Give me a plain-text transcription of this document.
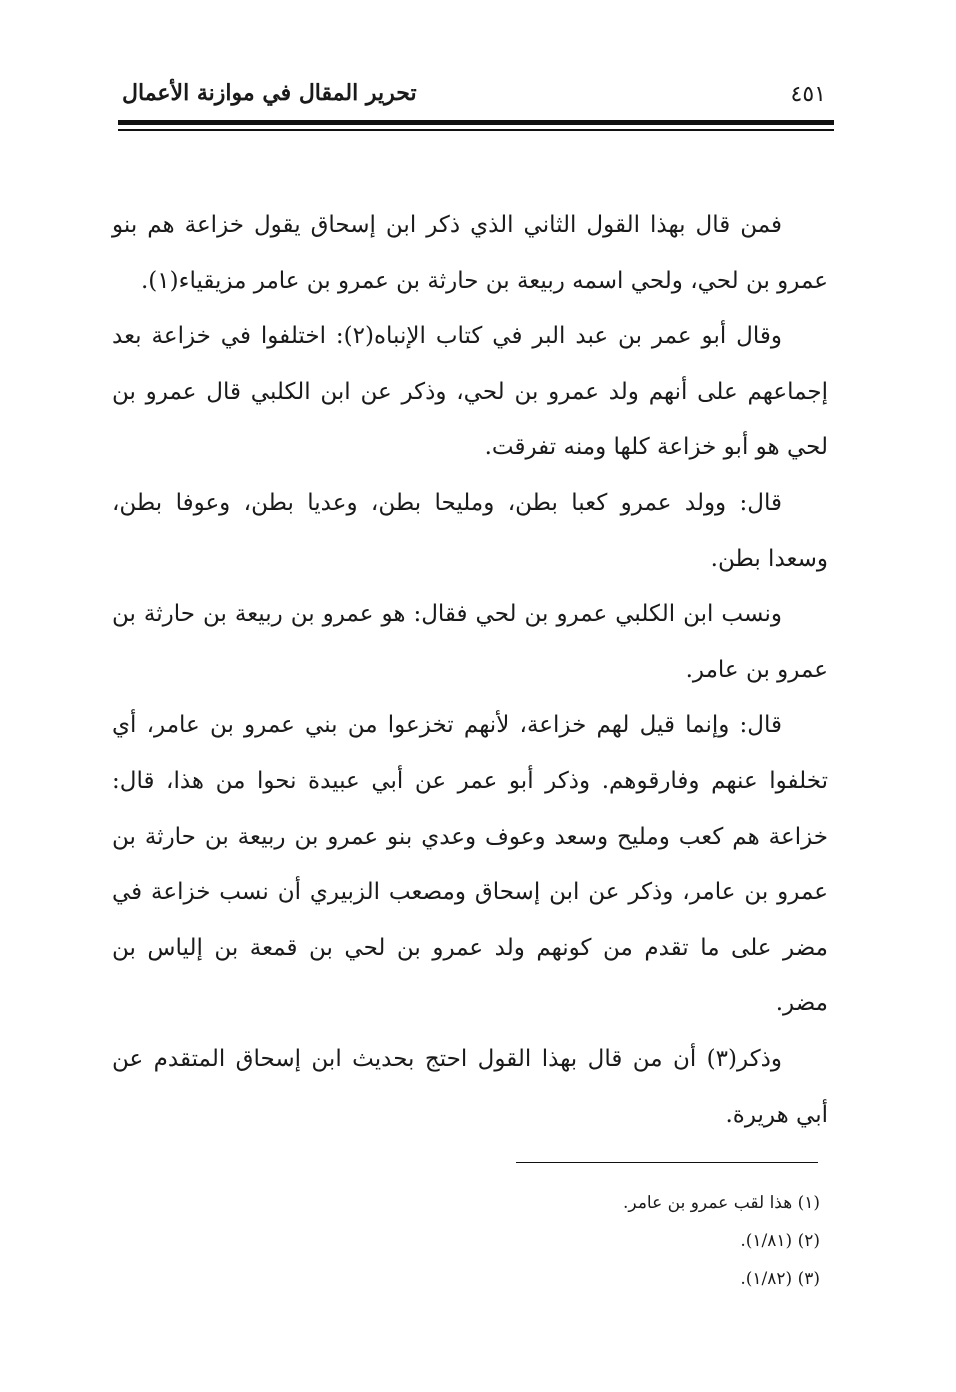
تحرير المقال في موازنة الأعمال	٤٥١

فمن قال بهذا القول الثاني الذي ذكر ابن إسحاق يقول خزاعة هم بنو عمرو بن لحي، ولحي اسمه ربيعة بن حارثة بن عمرو بن عامر مزيقياء(١).

وقال أبو عمر بن عبد البر في كتاب الإنباه(٢): اختلفوا في خزاعة بعد إجماعهم على أنهم ولد عمرو بن لحي، وذكر عن ابن الكلبي قال عمرو بن لحي هو أبو خزاعة كلها ومنه تفرقت.

قال: وولد عمرو كعبا بطن، ومليحا بطن، وعديا بطن، وعوفا بطن، وسعدا بطن.

ونسب ابن الكلبي عمرو بن لحي فقال: هو عمرو بن ربيعة بن حارثة بن عمرو بن عامر.

قال: وإنما قيل لهم خزاعة، لأنهم تخزعوا من بني عمرو بن عامر، أي تخلفوا عنهم وفارقوهم. وذكر أبو عمر عن أبي عبيدة نحوا من هذا، قال: خزاعة هم كعب ومليح وسعد وعوف وعدي بنو عمرو بن ربيعة بن حارثة بن عمرو بن عامر، وذكر عن ابن إسحاق ومصعب الزبيري أن نسب خزاعة في مضر على ما تقدم من كونهم ولد عمرو بن لحي بن قمعة بن إلياس بن مضر.

وذكر(٣) أن من قال بهذا القول احتج بحديث ابن إسحاق المتقدم عن أبي هريرة.

(١) هذا لقب عمرو بن عامر.

(٢) (١/٨١).

(٣) (١/٨٢).
